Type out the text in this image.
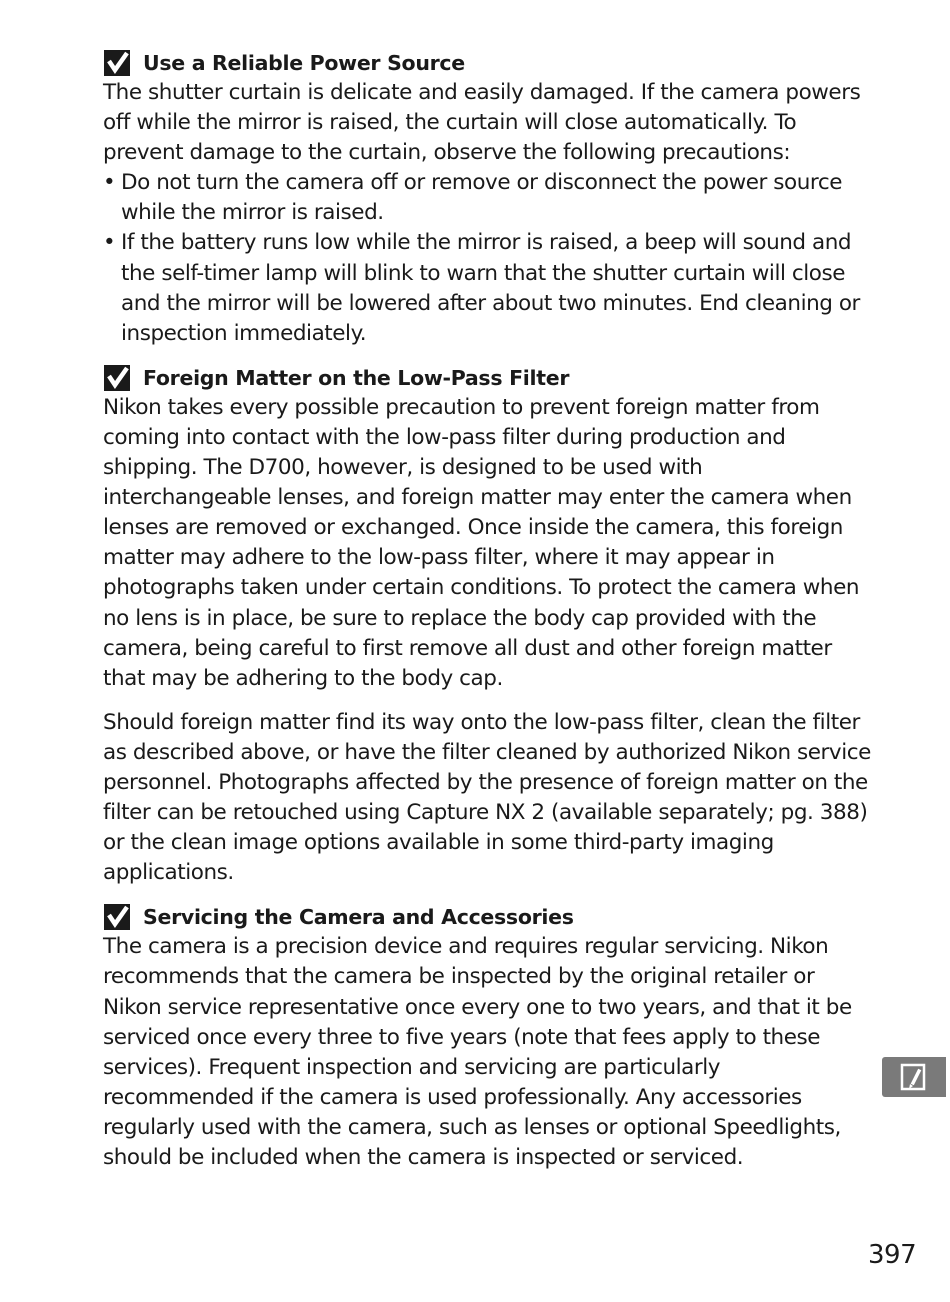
Use a Reliable Power Source

The shutter curtain is delicate and easily damaged. If the camera powers off while the mirror is raised, the curtain will close automatically. To prevent damage to the curtain, observe the following precautions:

• Do not turn the camera off or remove or disconnect the power source while the mirror is raised.
• If the battery runs low while the mirror is raised, a beep will sound and the self-timer lamp will blink to warn that the shutter curtain will close and the mirror will be lowered after about two minutes. End cleaning or inspection immediately.
Foreign Matter on the Low-Pass Filter

Nikon takes every possible precaution to prevent foreign matter from coming into contact with the low-pass filter during production and shipping. The D700, however, is designed to be used with interchangeable lenses, and foreign matter may enter the camera when lenses are removed or exchanged. Once inside the camera, this foreign matter may adhere to the low-pass filter, where it may appear in photographs taken under certain conditions. To protect the camera when no lens is in place, be sure to replace the body cap provided with the camera, being careful to first remove all dust and other foreign matter that may be adhering to the body cap.

Should foreign matter find its way onto the low-pass filter, clean the filter as described above, or have the filter cleaned by authorized Nikon service personnel. Photographs affected by the presence of foreign matter on the filter can be retouched using Capture NX 2 (available separately; pg. 388) or the clean image options available in some third-party imaging applications.

Servicing the Camera and Accessories

The camera is a precision device and requires regular servicing. Nikon recommends that the camera be inspected by the original retailer or Nikon service representative once every one to two years, and that it be serviced once every three to five years (note that fees apply to these services). Frequent inspection and servicing are particularly recommended if the camera is used professionally. Any accessories regularly used with the camera, such as lenses or optional Speedlights, should be included when the camera is inspected or serviced.

397
